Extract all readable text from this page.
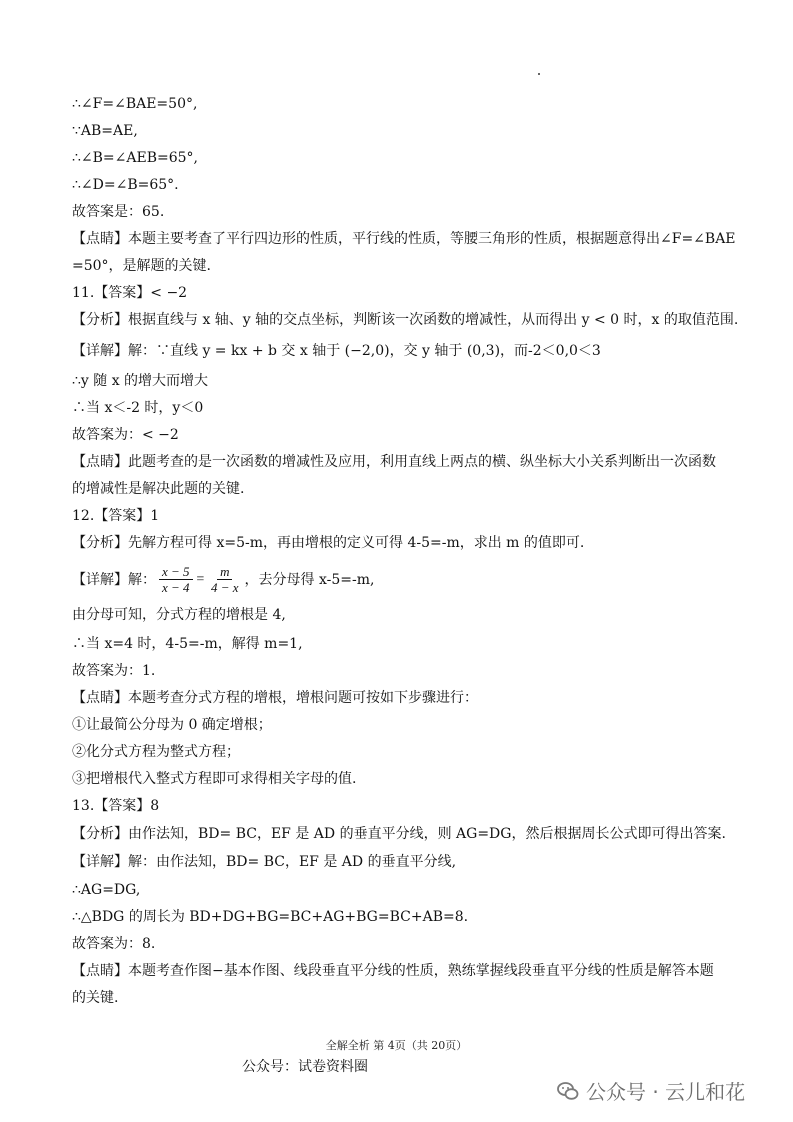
∴∠F=∠BAE=50°,
∵AB=AE,
∴∠B=∠AEB=65°,
∴∠D=∠B=65°.
故答案是：65.
【点睛】本题主要考查了平行四边形的性质，平行线的性质，等腰三角形的性质，根据题意得出∠F=∠BAE
=50°，是解题的关键.
11.【答案】< −2
【分析】根据直线与 x 轴、y 轴的交点坐标，判断该一次函数的增减性，从而得出 y < 0 时，x 的取值范围.
【详解】解：∵直线 y = kx + b 交 x 轴于 (−2,0)，交 y 轴于 (0,3)，而-2＜0,0＜3
∴y 随 x 的增大而增大
∴当 x＜-2 时，y＜0
故答案为：< −2
【点睛】此题考查的是一次函数的增减性及应用，利用直线上两点的横、纵坐标大小关系判断出一次函数
的增减性是解决此题的关键.
12.【答案】1
【分析】先解方程可得 x=5-m，再由增根的定义可得 4-5=-m，求出 m 的值即可.
【详解】解： $\frac{x - 5}{x - 4} = \frac{m}{4 - x}$ ，去分母得 x-5=-m,
由分母可知，分式方程的增根是 4,
∴当 x=4 时，4-5=-m，解得 m=1,
故答案为：1.
【点睛】本题考查分式方程的增根，增根问题可按如下步骤进行：
①让最简公分母为 0 确定增根；
②化分式方程为整式方程；
③把增根代入整式方程即可求得相关字母的值.
13.【答案】8
【分析】由作法知，BD= BC，EF 是 AD 的垂直平分线，则 AG=DG，然后根据周长公式即可得出答案.
【详解】解：由作法知，BD= BC，EF 是 AD 的垂直平分线,
∴AG=DG,
∴△BDG 的周长为 BD+DG+BG=BC+AG+BG=BC+AB=8.
故答案为：8.
【点睛】本题考查作图−基本作图、线段垂直平分线的性质，熟练掌握线段垂直平分线的性质是解答本题
的关键.
全解全析 第 4页（共 20页）
公众号：试卷资料圈
公众号 · 云儿和花
